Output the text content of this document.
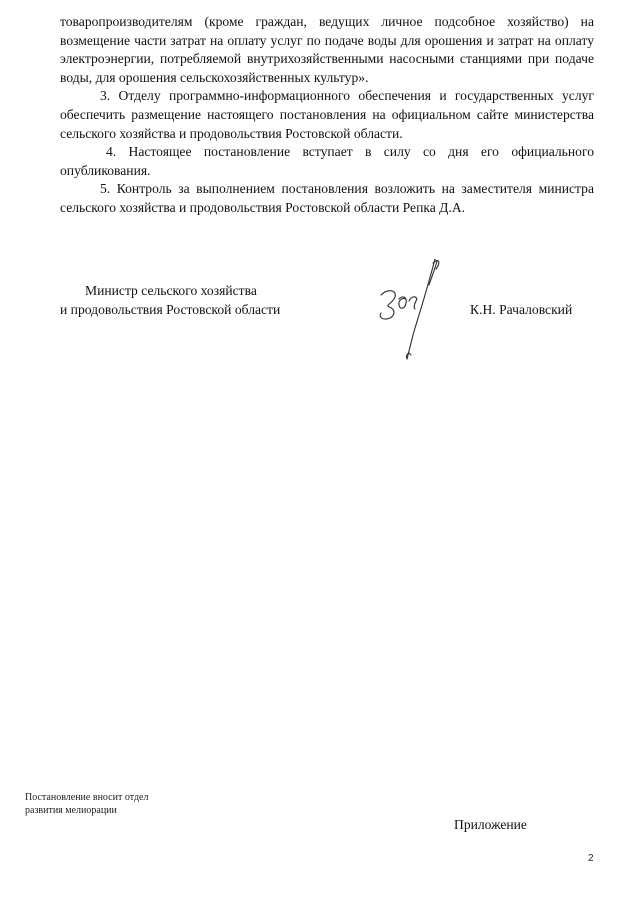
товаропроизводителям (кроме граждан, ведущих личное подсобное хозяйство) на возмещение части затрат на оплату услуг по подаче воды для орошения и затрат на оплату электроэнергии, потребляемой внутрихозяйственными насосными станциями при подаче воды, для орошения сельскохозяйственных культур».

3. Отделу программно-информационного обеспечения и государственных услуг обеспечить размещение настоящего постановления на официальном сайте министерства сельского хозяйства и продовольствия Ростовской области.

4. Настоящее постановление вступает в силу со дня его официального опубликования.

5. Контроль за выполнением постановления возложить на заместителя министра сельского хозяйства и продовольствия Ростовской области Репка Д.А.

Министр сельского хозяйства
и продовольствия Ростовской области	К.Н. Рачаловский
Постановление вносит отдел
развития мелиорации
Приложение
2
